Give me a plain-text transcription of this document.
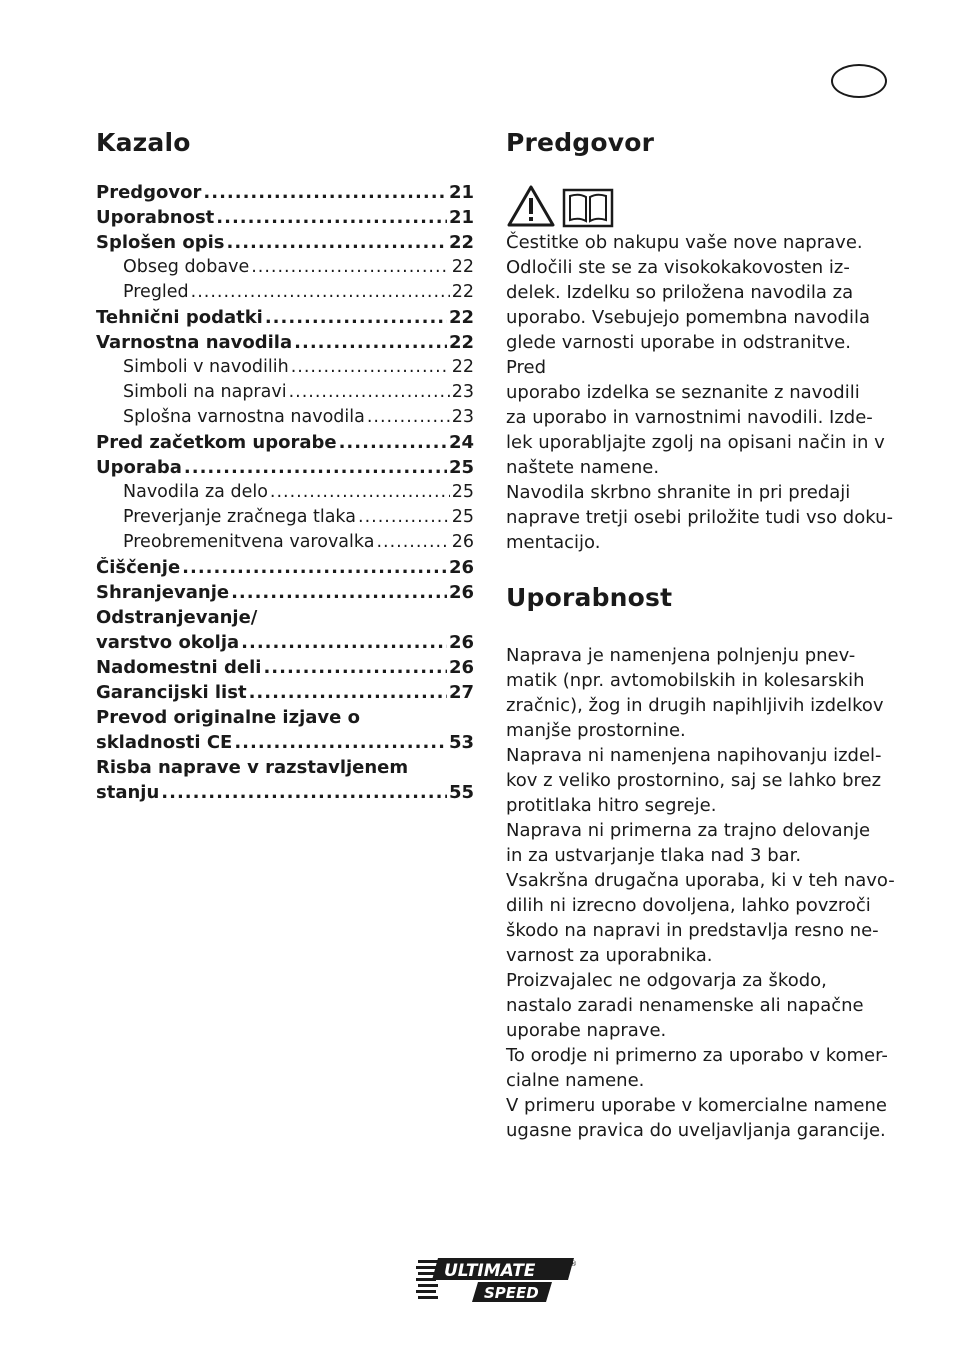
Kazalo
Predgovor .....	21
Uporabnost .....	21
Splošen opis .....	22
Obseg dobave .....	22
Pregled .....	22
Tehnični podatki .....	22
Varnostna navodila .....	22
Simboli v navodilih .....	22
Simboli na napravi .....	23
Splošna varnostna navodila .....	23
Pred začetkom uporabe .....	24
Uporaba .....	25
Navodila za delo .....	25
Preverjanje zračnega tlaka .....	25
Preobremenitvena varovalka .....	26
Čiščenje .....	26
Shranjevanje .....	26
Odstranjevanje/
varstvo okolja .....	26
Nadomestni deli .....	26
Garancijski list .....	27
Prevod originalne izjave o
skladnosti CE .....	53
Risba naprave v razstavljenem
stanju .....	55
Predgovor

Čestitke ob nakupu vaše nove naprave.

Odločili ste se za visokokakovosten iz-

delek. Izdelku so priložena navodila za

uporabo. Vsebujejo pomembna navodila

glede varnosti uporabe in odstranitve. Pred

uporabo izdelka se seznanite z navodili

za uporabo in varnostnimi navodili. Izde-

lek uporabljajte zgolj na opisani način in v

naštete namene.

Navodila skrbno shranite in pri predaji

naprave tretji osebi priložite tudi vso doku-

mentacijo.

Uporabnost

Naprava je namenjena polnjenju pnev-

matik (npr. avtomobilskih in kolesarskih

zračnic), žog in drugih napihljivih izdelkov

manjše prostornine.

Naprava ni namenjena napihovanju izdel-

kov z veliko prostornino, saj se lahko brez

protitlaka hitro segreje.

Naprava ni primerna za trajno delovanje

in za ustvarjanje tlaka nad 3 bar.

Vsakršna drugačna uporaba, ki v teh navo-

dilih ni izrecno dovoljena, lahko povzroči

škodo na napravi in predstavlja resno ne-

varnost za uporabnika.

Proizvajalec ne odgovarja za škodo,

nastalo zaradi nenamenske ali napačne

uporabe naprave.

To orodje ni primerno za uporabo v komer-

cialne namene.

V primeru uporabe v komercialne namene

ugasne pravica do uveljavljanja garancije.

ULTIMATE
SPEED
®
